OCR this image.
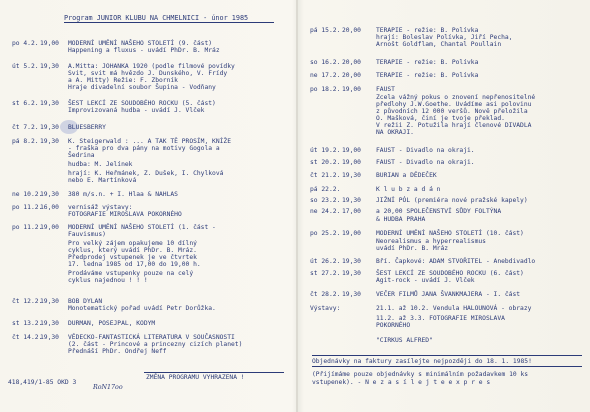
Program JUNIOR KLUBU NA CHMELNICI - únor 1985
po 4.2. 19,00 MODERNÍ UMĚNÍ NAŠEHO STOLETÍ (9. část)
Happening a fluxus - uvádí PhDr. B. Mráz
út 5.2. 19,30 A.Mitta: JOHANKA 1920 (podle filmové povídky
Svit, svit má hvězdo J. Dunského, V. Frídy
a A. Mitty) Režie: F. Zborník
Hraje divadelní soubor Šupina - Vodňany
st 6.2. 19,30 ŠEST LEKCÍ ZE SOUDOBÉHO ROCKU (5. část)
Improvizovaná hudba - uvádí J. Vlček
čt 7.2. 19,30 BLUESBERRY
pá 8.2. 19,30 K. Steigerwald : ... A TAK TĚ PROSÍM, KNÍŽE
- fraška pro dva pány na motivy Gogola a
Šedrina
hudba: M. Jelínek
hrají: K. Heřmánek, Z. Dušek, I. Chylková
nebo E. Martínková
ne 10.2.
19,30 380 m/s.n. + I. Hlaa & NAHLAS
po 11.2.
16,00 vernisáž výstavy:
FOTOGRAFIE MIROSLAVA POKORNÉHO
po 11.2.
19,00 MODERNÍ UMĚNÍ NAŠEHO STOLETÍ (1. část -
Fauvismus)
Pro velký zájem opakujeme 10 dílný
cyklus, který uvádí PhDr. B. Mráz.
Předprodej vstupenek je ve čtvrtek
17. ledna 1985 od 17,00 do 19,00 h.
Prodáváme vstupenky pouze na celý
cyklus najednou ! ! !
čt 12.2.
19,30 BOB DYLAN
Monotematický pořad uvádí Petr Dorůžka.
st 13.2.
19,30 DURMAN, POSEJPAL, KODYM
čt 14.2.
19,30 VĚDECKO-FANTASTICKÁ LITERATURA V SOUČASNOSTI
(2. část - Princové a princezny cizích planet)
Přednáší PhDr. Ondřej Neff
pá 15.2. 20,00 TERAPIE - režie: B. Polívka
hrají: Boleslav Polívka, Jiří Pecha,
Arnošt Goldflam, Chantal Poullain
so 16.2. 20,00 TERAPIE - režie: B. Polívka
ne 17.2. 20,00 TERAPIE - režie: B. Polívka
po 18.2. 19,00 FAUST
Zcela vážný pokus o znovení nepřenositelné
předlohy J.W.Goethe. Uvádíme asi polovinu
z původních 12 000 veršů. Nově přeložila
O. Mašková, činí je tvoje překlad.
V režii Z. Potužila hrají členové DIVADLA
NA OKRAJI.
út 19.2. 19,00 FAUST - Divadlo na okraji.
st 20.2. 19,00 FAUST - Divadlo na okraji.
čt 21.2. 19,30 BURIAN a DĚDEČEK
pá 22.2.	K l u b z a d á n
so 23.2. 19,30 JIŽNÍ PÓL (premiéra nové pražské kapely)
ne 24.2. 17,00 a 20,00 SPOLEČENSTVÍ SŮDY FOLTÝNA
& HUDBA PRAHA
po 25.2. 19,00 MODERNÍ UMĚNÍ NAŠEHO STOLETÍ (10. část)
Neorealismus a hyperrealismus
uvádí PhDr. B. Mráz
út 26.2. 19,30 Bří. Čapkové: ADAM STVOŘITEL - Anebdivadlo
st 27.2. 19,30 ŠEST LEKCÍ ZE SOUDOBÉHO ROCKU (6. část)
Agit-rock - uvádí J. Vlček
čt 28.2. 19,30 VEČER FILMŮ JANA ŠVANKMAJERA - I. část
Výstavy:	21.1. až 10.2. Vendula HALOUNOVÁ - obrazy
11.2. až 3.3. FOTOGRAFIE MIROSLAVA
POKORNÉHO
"CIRKUS ALFRED"
418,419/1-85 OKD 3
RoN17oo
ZMĚNA PROGRAMU VYHRAZENA !
Objednávky na faktury zasílejte nejpozději do 18. 1. 1985!
(Přijímáme pouze objednávky s minimálním požadavkem 10 ks
vstupenek). - N e z a s í l e j t e e x p r e s
